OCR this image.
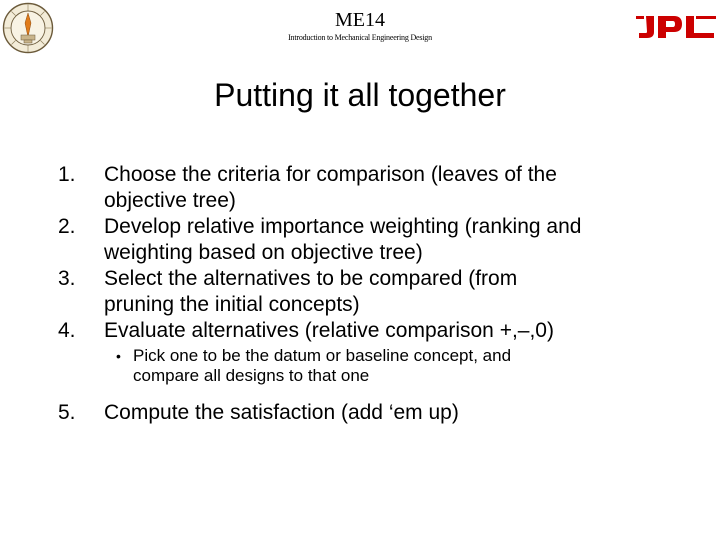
ME14
Introduction to Mechanical Engineering Design
Putting it all together
1. Choose the criteria for comparison (leaves of the
objective tree)
2. Develop relative importance weighting (ranking and
weighting based on objective tree)
3. Select the alternatives to be compared (from
pruning the initial concepts)
4. Evaluate alternatives (relative comparison +,–,0)
• Pick one to be the datum or baseline concept, and
compare all designs to that one
5. Compute the satisfaction (add ‘em up)
